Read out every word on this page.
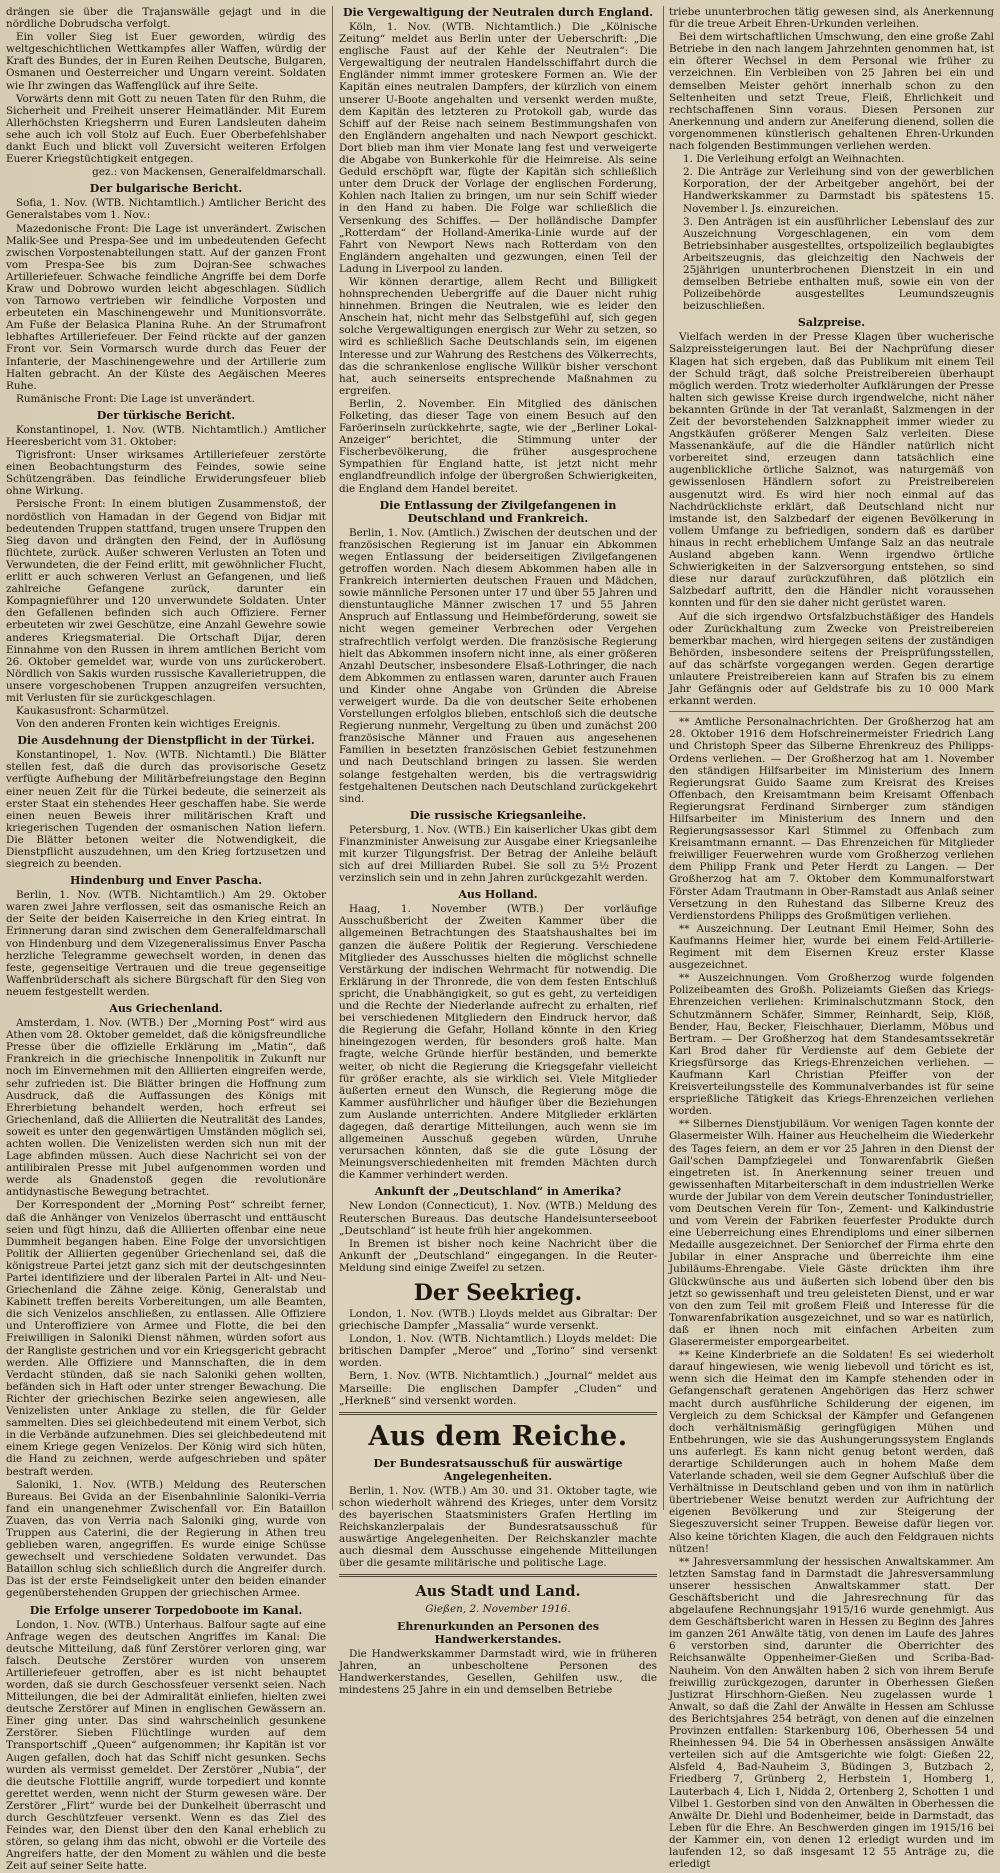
drängen sie über die Trajanswälle gejagt und in die nördliche Dobrudscha verfolgt.

Ein voller Sieg ist Euer geworden, würdig des weltgeschichtlichen Wettkampfes aller Waffen, würdig der Kraft des Bundes, der in Euren Reihen Deutsche, Bulgaren, Osmanen und Oesterreicher und Ungarn vereint. Soldaten wie Ihr zwingen das Waffenglück auf ihre Seite.

Vorwärts denn mit Gott zu neuen Taten für den Ruhm, die Sicherheit und Freiheit unserer Heimatländer. Mit Eurem Allerhöchsten Kriegsherrn und Euren Landsleuten daheim sehe auch ich voll Stolz auf Euch. Euer Oberbefehlshaber dankt Euch und blickt voll Zuversicht weiteren Erfolgen Euerer Kriegstüchtigkeit entgegen.

gez.: von Mackensen, Generalfeldmarschall.

Der bulgarische Bericht.

Sofia, 1. Nov. (WTB. Nichtamtlich.) Amtlicher Bericht des Generalstabes vom 1. Nov.:

Mazedonische Front: Die Lage ist unverändert. Zwischen Malik-See und Prespa-See und im unbedeutenden Gefecht zwischen Vorpostenabteilungen statt. Auf der ganzen Front vom Prespa-See bis zum Dojran-See schwaches Artilleriefeuer. Schwache feindliche Angriffe bei dem Dorfe Kraw und Dobrowo wurden leicht abgeschlagen. Südlich von Tarnowo vertrieben wir feindliche Vorposten und erbeuteten ein Maschinengewehr und Munitionsvorräte. Am Fuße der Belasica Planina Ruhe. An der Strumafront lebhaftes Artilleriefeuer. Der Feind rückte auf der ganzen Front vor. Sein Vormarsch wurde durch das Feuer der Infanterie, der Maschinengewehre und der Artillerie zum Halten gebracht. An der Küste des Aegäischen Meeres Ruhe.

Rumänische Front: Die Lage ist unverändert.

Der türkische Bericht.

Konstantinopel, 1. Nov. (WTB. Nichtamtlich.) Amtlicher Heeresbericht vom 31. Oktober:

Tigrisfront: Unser wirksames Artilleriefeuer zerstörte einen Beobachtungsturm des Feindes, sowie seine Schützengräben. Das feindliche Erwiderungsfeuer blieb ohne Wirkung.

Persische Front: In einem blutigen Zusammenstoß, der nordöstlich von Hamadan in der Gegend von Bidjar mit bedeutenden Truppen stattfand, trugen unsere Truppen den Sieg davon und drängten den Feind, der in Auflösung flüchtete, zurück. Außer schweren Verlusten an Toten und Verwundeten, die der Feind erlitt, mit gewöhnlicher Flucht, erlitt er auch schweren Verlust an Gefangenen, und ließ zahlreiche Gefangene zurück, darunter ein Kompagnieführer und 120 unverwundete Soldaten. Unter den Gefallenen befinden sich auch Offiziere. Ferner erbeuteten wir zwei Geschütze, eine Anzahl Gewehre sowie anderes Kriegsmaterial. Die Ortschaft Dijar, deren Einnahme von den Russen in ihrem amtlichen Bericht vom 26. Oktober gemeldet war, wurde von uns zurückerobert. Nördlich von Sakis wurden russische Kavallerietruppen, die unsere vorgeschobenen Truppen anzugreifen versuchten, mit Verlusten für sie zurückgeschlagen.

Kaukasusfront: Scharmützel.

Von den anderen Fronten kein wichtiges Ereignis.

Die Ausdehnung der Dienstpflicht in der Türkei.

Konstantinopel, 1. Nov. (WTB. Nichtamtl.) Die Blätter stellen fest, daß die durch das provisorische Gesetz verfügte Aufhebung der Militärbefreiungstage den Beginn einer neuen Zeit für die Türkei bedeute, die seinerzeit als erster Staat ein stehendes Heer geschaffen habe. Sie werde einen neuen Beweis ihrer militärischen Kraft und kriegerischen Tugenden der osmanischen Nation liefern. Die Blätter betonen weiter die Notwendigkeit, die Dienstpflicht auszudehnen, um den Krieg fortzusetzen und siegreich zu beenden.

Hindenburg und Enver Pascha.

Berlin, 1. Nov. (WTB. Nichtamtlich.) Am 29. Oktober waren zwei Jahre verflossen, seit das osmanische Reich an der Seite der beiden Kaiserreiche in den Krieg eintrat. In Erinnerung daran sind zwischen dem Generalfeldmarschall von Hindenburg und dem Vizegeneralissimus Enver Pascha herzliche Telegramme gewechselt worden, in denen das feste, gegenseitige Vertrauen und die treue gegenseitige Waffenbrüderschaft als sichere Bürgschaft für den Sieg von neuem festgestellt werden.

Aus Griechenland.

Amsterdam, 1. Nov. (WTB.) Der „Morning Post“ wird aus Athen vom 28. Oktober gemeldet, daß die königsfreundliche Presse über die offizielle Erklärung im „Matin“, daß Frankreich in die griechische Innenpolitik in Zukunft nur noch im Einvernehmen mit den Alliierten eingreifen werde, sehr zufrieden ist. Die Blätter bringen die Hoffnung zum Ausdruck, daß die Auffassungen des Königs mit Ehrerbietung behandelt werden, hoch erfreut sei Griechenland, daß die Alliierten die Neutralität des Landes, soweit es unter den gegenwärtigen Umständen möglich sei, achten wollen. Die Venizelisten werden sich nun mit der Lage abfinden müssen. Auch diese Nachricht sei von der antilibiralen Presse mit Jubel aufgenommen worden und werde als Gnadenstoß gegen die revolutionäre antidynastische Bewegung betrachtet.

Der Korrespondent der „Morning Post“ schreibt ferner, daß die Anhänger von Venizelos überrascht und enttäuscht seien und fügt hinzu, daß die Alliierten offenbar eine neue Dummheit begangen haben. Eine Folge der unvorsichtigen Politik der Alliierten gegenüber Griechenland sei, daß die königstreue Partei jetzt ganz sich mit der deutschgesinnten Partei identifiziere und der liberalen Partei in Alt- und Neu-Griechenland die Zähne zeige. König, Generalstab und Kabinett treffen bereits Vorbereitungen, um alle Beamten, die sich Venizelos anschließen, zu entlassen. Alle Offiziere und Unteroffiziere von Armee und Flotte, die bei den Freiwilligen in Saloniki Dienst nähmen, würden sofort aus der Rangliste gestrichen und vor ein Kriegsgericht gebracht werden. Alle Offiziere und Mannschaften, die in dem Verdacht stünden, daß sie nach Saloniki gehen wollten, befänden sich in Haft oder unter strenger Bewachung. Die Richter der griechischen Bezirke seien angewiesen, alle Venizelisten unter Anklage zu stellen, die für Gelder sammelten. Dies sei gleichbedeutend mit einem Verbot, sich in die Verbände aufzunehmen. Dies sei gleichbedeutend mit einem Kriege gegen Venizelos. Der König wird sich hüten, die Hand zu zeichnen, werde aufgeschrieben und später bestraft werden.

Saloniki, 1. Nov. (WTB.) Meldung des Reuterschen Bureaus. Bei Gvida an der Eisenbahnlinie Saloniki–Verria fand ein unangenehmer Zwischenfall vor. Ein Bataillon Zuaven, das von Verria nach Saloniki ging, wurde von Truppen aus Caterini, die der Regierung in Athen treu geblieben waren, angegriffen. Es wurde einige Schüsse gewechselt und verschiedene Soldaten verwundet. Das Bataillon schlug sich schließlich durch die Angreifer durch. Das ist der erste Feindseligkeit unter den beiden einander gegenüberstehenden Gruppen der griechischen Armee.

Die Erfolge unserer Torpedoboote im Kanal.

London, 1. Nov. (WTB.) Unterhaus. Balfour sagte auf eine Anfrage wegen des deutschen Angriffes im Kanal: Die deutsche Mitteilung, daß fünf Zerstörer verloren ging, war falsch. Deutsche Zerstörer wurden von unserem Artilleriefeuer getroffen, aber es ist nicht behauptet worden, daß sie durch Geschossfeuer versenkt seien. Nach Mitteilungen, die bei der Admiralität einliefen, hielten zwei deutsche Zerstörer auf Minen in englischen Gewässern an. Einer ging unter. Das sind wahrscheinlich gesunkene Zerstörer. Sieben Flüchtlinge wurden auf dem Transportschiff „Queen“ aufgenommen; ihr Kapitän ist vor Augen gefallen, doch hat das Schiff nicht gesunken. Sechs wurden als vermisst gemeldet. Der Zerstörer „Nubia“, der die deutsche Flottille angriff, wurde torpediert und konnte gerettet werden, wenn nicht der Sturm gewesen wäre. Der Zerstörer „Flirt“ wurde bei der Dunkelheit überrascht und durch Geschützfeuer versenkt. Wenn es das Ziel des Feindes war, den Dienst über den den Kanal erheblich zu stören, so gelang ihm das nicht, obwohl er die Vorteile des Angreifers hatte, der den Moment zu wählen und die beste Zeit auf seiner Seite hatte.

Die Vergewaltigung der Neutralen durch England.

Köln, 1. Nov. (WTB. Nichtamtlich.) Die „Kölnische Zeitung“ meldet aus Berlin unter der Ueberschrift: „Die englische Faust auf der Kehle der Neutralen“: Die Vergewaltigung der neutralen Handelsschiffahrt durch die Engländer nimmt immer groteskere Formen an. Wie der Kapitän eines neutralen Dampfers, der kürzlich von einem unserer U-Boote angehalten und versenkt werden mußte, dem Kapitän des letzteren zu Protokoll gab, wurde das Schiff auf der Reise nach seinem Bestimmungshafen von den Engländern angehalten und nach Newport geschickt. Dort blieb man ihm vier Monate lang fest und verweigerte die Abgabe von Bunkerkohle für die Heimreise. Als seine Geduld erschöpft war, fügte der Kapitän sich schließlich unter dem Druck der Vorlage der englischen Forderung, Kohlen nach Italien zu bringen, um nur sein Schiff wieder in den Hand zu haben. Die Folge war schließlich die Versenkung des Schiffes. — Der holländische Dampfer „Rotterdam“ der Holland-Amerika-Linie wurde auf der Fahrt von Newport News nach Rotterdam von den Engländern angehalten und gezwungen, einen Teil der Ladung in Liverpool zu landen.

Wir können derartige, allem Recht und Billigkeit hohnsprechenden Uebergriffe auf die Dauer nicht ruhig hinnehmen. Bringen die Neutralen, wie es leider den Anschein hat, nicht mehr das Selbstgefühl auf, sich gegen solche Vergewaltigungen energisch zur Wehr zu setzen, so wird es schließlich Sache Deutschlands sein, im eigenen Interesse und zur Wahrung des Restchens des Völkerrechts, das die schrankenlose englische Willkür bisher verschont hat, auch seinerseits entsprechende Maßnahmen zu ergreifen.

Berlin, 2. November. Ein Mitglied des dänischen Folketing, das dieser Tage von einem Besuch auf den Faröerinseln zurückkehrte, sagte, wie der „Berliner Lokal-Anzeiger“ berichtet, die Stimmung unter der Fischerbevölkerung, die früher ausgesprochene Sympathien für England hatte, ist jetzt nicht mehr englandfreundlich infolge der übergroßen Schwierigkeiten, die England dem Handel bereitet.

Die Entlassung der Zivilgefangenen in Deutschland und Frankreich.

Berlin, 1. Nov. (Amtlich.) Zwischen der deutschen und der französischen Regierung ist im Januar ein Abkommen wegen Entlassung der beiderseitigen Zivilgefangenen getroffen worden. Nach diesem Abkommen haben alle in Frankreich internierten deutschen Frauen und Mädchen, sowie männliche Personen unter 17 und über 55 Jahren und dienstuntaugliche Männer zwischen 17 und 55 Jahren Anspruch auf Entlassung und Heimbeförderung, soweit sie nicht wegen gemeiner Verbrechen oder Vergehen strafrechtlich verfolgt werden. Die französische Regierung hielt das Abkommen insofern nicht inne, als einer größeren Anzahl Deutscher, insbesondere Elsaß-Lothringer, die nach dem Abkommen zu entlassen waren, darunter auch Frauen und Kinder ohne Angabe von Gründen die Abreise verweigert wurde. Da die von deutscher Seite erhobenen Vorstellungen erfolglos blieben, entschloß sich die deutsche Regierung nunmehr, Vergeltung zu üben und zunächst 200 französische Männer und Frauen aus angesehenen Familien in besetzten französischen Gebiet festzunehmen und nach Deutschland bringen zu lassen. Sie werden solange festgehalten werden, bis die vertragswidrig festgehaltenen Deutschen nach Deutschland zurückgekehrt sind.

Die russische Kriegsanleihe.

Petersburg, 1. Nov. (WTB.) Ein kaiserlicher Ukas gibt dem Finanzminister Anweisung zur Ausgabe einer Kriegsanleihe mit kurzer Tilgungsfrist. Der Betrag der Anleihe beläuft sich auf drei Milliarden Rubel. Sie soll zu 5½ Prozent verzinslich sein und in zehn Jahren zurückgezahlt werden.

Aus Holland.

Haag, 1. November (WTB.) Der vorläufige Ausschußbericht der Zweiten Kammer über die allgemeinen Betrachtungen des Staatshaushaltes bei im ganzen die äußere Politik der Regierung. Verschiedene Mitglieder des Ausschusses hielten die möglichst schnelle Verstärkung der indischen Wehrmacht für notwendig. Die Erklärung in der Thronrede, die von dem festen Entschluß spricht, die Unabhängigkeit, so gut es geht, zu verteidigen und die Rechte der Niederlande aufrecht zu erhalten, rief bei verschiedenen Mitgliedern den Eindruck hervor, daß die Regierung die Gefahr, Holland könnte in den Krieg hineingezogen werden, für besonders groß halte. Man fragte, welche Gründe hierfür beständen, und bemerkte weiter, ob nicht die Regierung die Kriegsgefahr vielleicht für größer erachte, als sie wirklich sei. Viele Mitglieder äußerten erneut den Wunsch, die Regierung möge die Kammer ausführlicher und häufiger über die Beziehungen zum Auslande unterrichten. Andere Mitglieder erklärten dagegen, daß derartige Mitteilungen, auch wenn sie im allgemeinen Ausschuß gegeben würden, Unruhe verursachen könnten, daß sie die gute Lösung der Meinungsverschiedenheiten mit fremden Mächten durch die Kammer verhindert werden.

Ankunft der „Deutschland“ in Amerika?

New London (Connecticut), 1. Nov. (WTB.) Meldung des Reuterschen Bureaus. Das deutsche Handelsunterseeboot „Deutschland“ ist heute früh hier angekommen.

In Bremen ist bisher noch keine Nachricht über die Ankunft der „Deutschland“ eingegangen. In die Reuter-Meldung sind einige Zweifel zu setzen.

Der Seekrieg.

London, 1. Nov. (WTB.) Lloyds meldet aus Gibraltar: Der griechische Dampfer „Massalia“ wurde versenkt.

London, 1. Nov. (WTB. Nichtamtlich.) Lloyds meldet: Die britischen Dampfer „Meroe“ und „Torino“ sind versenkt worden.

Bern, 1. Nov. (WTB. Nichtamtlich.) „Journal“ meldet aus Marseille: Die englischen Dampfer „Cluden“ und „Herkneß“ sind versenkt worden.

Aus dem Reiche.
Der Bundesratsausschuß für auswärtige Angelegenheiten.

Berlin, 1. Nov. (WTB.) Am 30. und 31. Oktober tagte, wie schon wiederholt während des Krieges, unter dem Vorsitz des bayerischen Staatsministers Grafen Hertling im Reichskanzlerpalais der Bundesratsausschuß für auswärtige Angelegenheiten. Der Reichskanzler machte auch diesmal dem Ausschusse eingehende Mitteilungen über die gesamte militärische und politische Lage.

Aus Stadt und Land.
Gießen, 2. November 1916.
Ehrenurkunden an Personen des Handwerkerstandes.

Die Handwerkskammer Darmstadt wird, wie in früheren Jahren, an unbescholtene Personen des Handwerkerstandes, Gesellen, Gehilfen usw., die mindestens 25 Jahre in ein und demselben Betriebe

triebe ununterbrochen tätig gewesen sind, als Anerkennung für die treue Arbeit Ehren-Urkunden verleihen.

Bei dem wirtschaftlichen Umschwung, den eine große Zahl Betriebe in den nach langem Jahrzehnten genommen hat, ist ein öfterer Wechsel in dem Personal wie früher zu verzeichnen. Ein Verbleiben von 25 Jahren bei ein und demselben Meister gehört innerhalb schon zu den Seltenheiten und setzt Treue, Fleiß, Ehrlichkeit und rechtschaffenen Sinn voraus. Diesen Personen zur Anerkennung und andern zur Aneiferung dienend, sollen die vorgenommenen künstlerisch gehaltenen Ehren-Urkunden nach folgenden Bestimmungen verliehen werden.

1. Die Verleihung erfolgt an Weihnachten.

2. Die Anträge zur Verleihung sind von der gewerblichen Korporation, der der Arbeitgeber angehört, bei der Handwerkskammer zu Darmstadt bis spätestens 15. November l. Js. einzureichen.

3. Den Anträgen ist ein ausführlicher Lebenslauf des zur Auszeichnung Vorgeschlagenen, ein vom dem Betriebsinhaber ausgestelltes, ortspolizeilich beglaubigtes Arbeitszeugnis, das gleichzeitig den Nachweis der 25jährigen ununterbrochenen Dienstzeit in ein und demselben Betriebe enthalten muß, sowie ein von der Polizeibehörde ausgestelltes Leumundszeugnis beizuschließen.

Salzpreise.

Vielfach werden in der Presse Klagen über wucherische Salzpreissteigerungen laut. Bei der Nachprüfung dieser Klagen hat sich ergeben, daß das Publikum mit einem Teil der Schuld trägt, daß solche Preistreibereien überhaupt möglich werden. Trotz wiederholter Aufklärungen der Presse halten sich gewisse Kreise durch irgendwelche, nicht näher bekannten Gründe in der Tat veranlaßt, Salzmengen in der Zeit der bevorstehenden Salzknappheit immer wieder zu Angstkäufen größerer Mengen Salz verleiten. Diese Massenankäufe, auf die die Händler natürlich nicht vorbereitet sind, erzeugen dann tatsächlich eine augenblickliche örtliche Salznot, was naturgemäß von gewissenlosen Händlern sofort zu Preistreibereien ausgenutzt wird. Es wird hier noch einmal auf das Nachdrücklichste erklärt, daß Deutschland nicht nur imstande ist, den Salzbedarf der eigenen Bevölkerung in vollem Umfange zu befriedigen, sondern daß es darüber hinaus in recht erheblichem Umfange Salz an das neutrale Ausland abgeben kann. Wenn irgendwo örtliche Schwierigkeiten in der Salzversorgung entstehen, so sind diese nur darauf zurückzuführen, daß plötzlich ein Salzbedarf auftritt, den die Händler nicht voraussehen konnten und für den sie daher nicht gerüstet waren.

Auf die sich irgendwo Ortsfalzbuchstäßiger des Handels oder Zurückhaltung zum Zwecke von Preistreibereien bemerkbar machen, wird hiergegen seitens der zuständigen Behörden, insbesondere seitens der Preisprüfungsstellen, auf das schärfste vorgegangen werden. Gegen derartige unlautere Preistreibereien kann auf Strafen bis zu einem Jahr Gefängnis oder auf Geldstrafe bis zu 10 000 Mark erkannt werden.

** Amtliche Personalnachrichten. Der Großherzog hat am 28. Oktober 1916 dem Hofschreinermeister Friedrich Lang und Christoph Speer das Silberne Ehrenkreuz des Philipps-Ordens verliehen. — Der Großherzog hat am 1. November den ständigen Hilfsarbeiter im Ministerium des Innern Regierungsrat Guido Saame zum Kreisrat des Kreises Offenbach, den Kreisamtmann beim Kreisamt Offenbach Regierungsrat Ferdinand Sirnberger zum ständigen Hilfsarbeiter im Ministerium des Innern und den Regierungsassessor Karl Stimmel zu Offenbach zum Kreisamtmann ernannt. — Das Ehrenzeichen für Mitglieder freiwilliger Feuerwehren wurde vom Großherzog verliehen dem Philipp Frank und Peter Herdt zu Langen. — Der Großherzog hat am 7. Oktober dem Kommunalforstwart Förster Adam Trautmann in Ober-Ramstadt aus Anlaß seiner Versetzung in den Ruhestand das Silberne Kreuz des Verdienstordens Philipps des Großmütigen verliehen.

** Auszeichnung. Der Leutnant Emil Heimer, Sohn des Kaufmanns Heimer hier, wurde bei einem Feld-Artillerie-Regiment mit dem Eisernen Kreuz erster Klasse ausgezeichnet.

** Auszeichnungen. Vom Großherzog wurde folgenden Polizeibeamten des Großh. Polizeiamts Gießen das Kriegs-Ehrenzeichen verliehen: Kriminalschutzmann Stock, den Schutzmännern Schäfer, Simmer, Reinhardt, Seip, Klöß, Bender, Hau, Becker, Fleischhauer, Dierlamm, Möbus und Bertram. — Der Großherzog hat dem Standesamtssekretär Karl Brod daher für Verdienste auf dem Gebiete der Kriegsfürsorge das Kriegs-Ehrenzeichen verliehen. — Kaufmann Karl Christian Pfeiffer von der Kreisverteilungsstelle des Kommunalverbandes ist für seine ersprießliche Tätigkeit das Kriegs-Ehrenzeichen verliehen worden.

** Silbernes Dienstjubiläum. Vor wenigen Tagen konnte der Glasermeister Wilh. Hainer aus Heuchelheim die Wiederkehr des Tages feiern, an dem er vor 25 Jahren in den Dienst der Gail'schen Dampfziegelei und Tonwarenfabrik Gießen eingetreten ist. In Anerkennung seiner treuen und gewissenhaften Mitarbeiterschaft in dem industriellen Werke wurde der Jubilar von dem Verein deutscher Tonindustrieller, vom Deutschen Verein für Ton-, Zement- und Kalkindustrie und vom Verein der Fabriken feuerfester Produkte durch eine Ueberreichung eines Ehrendiploms und einer silbernen Medaille ausgezeichnet. Der Seniorchef der Firma ehrte den Jubilar in einer Ansprache und überreichte ihm eine Jubiläums-Ehrengabe. Viele Gäste drückten ihm ihre Glückwünsche aus und äußerten sich lobend über den bis jetzt so gewissenhaft und treu geleisteten Dienst, und er war von den zum Teil mit großem Fleiß und Interesse für die Tonwarenfabrikation ausgezeichnet, und so war es natürlich, daß er ihnen noch mit einfachen Arbeiten zum Glaserermeister emporgearbeitet.

** Keine Kinderbriefe an die Soldaten! Es sei wiederholt darauf hingewiesen, wie wenig liebevoll und töricht es ist, wenn sich die Heimat den im Kampfe stehenden oder in Gefangenschaft geratenen Angehörigen das Herz schwer macht durch ausführliche Schilderung der eigenen, im Vergleich zu dem Schicksal der Kämpfer und Gefangenen doch verhältnismäßig geringfügigen Mühen und Entbehrungen, wie sie das Aushungerungssystem Englands uns auferlegt. Es kann nicht genug betont werden, daß derartige Schilderungen auch in hohem Maße dem Vaterlande schaden, weil sie dem Gegner Aufschluß über die Verhältnisse in Deutschland geben und von ihm in natürlich übertriebener Weise benutzt werden zur Aufrichtung der eigenen Bevölkerung und zur Steigerung der Siegeszuversicht seiner Truppen. Beweise dafür liegen vor. Also keine törichten Klagen, die auch den Feldgrauen nichts nützen!

** Jahresversammlung der hessischen Anwaltskammer. Am letzten Samstag fand in Darmstadt die Jahresversammlung unserer hessischen Anwaltskammer statt. Der Geschäftsbericht und die Jahresrechnung für das abgelaufene Rechnungsjahr 1915/16 wurde genehmigt. Aus dem Geschäftsbericht waren in Hessen zu Beginn des Jahres im ganzen 261 Anwälte tätig, von denen im Laufe des Jahres 6 verstorben sind, darunter die Oberrichter des Reichsanwälte Oppenheimer-Gießen und Scriba-Bad-Nauheim. Von den Anwälten haben 2 sich von ihrem Berufe freiwillig zurückgezogen, darunter in Oberhessen Gießen Justizrat Hirschhorn-Gießen. Neu zugelassen wurde 1 Anwalt, so daß die Zahl der Anwälte in Hessen am Schlusse des Berichtsjahres 254 beträgt, von denen auf die einzelnen Provinzen entfallen: Starkenburg 106, Oberhessen 54 und Rheinhessen 94. Die 54 in Oberhessen ansässigen Anwälte verteilen sich auf die Amtsgerichte wie folgt: Gießen 22, Alsfeld 4, Bad-Nauheim 3, Büdingen 3, Butzbach 2, Friedberg 7, Grünberg 2, Herbstein 1, Homberg 1, Lauterbach 4, Lich 1, Nidda 2, Ortenberg 2, Schotten 1 und Vilbel 1. Gestorben sind von den Anwälten in Oberhessen die Anwälte Dr. Diehl und Bodenheimer, beide in Darmstadt, das Leben für die Ehre. An Beschwerden gingen im 1915/16 bei der Kammer ein, von denen 12 erledigt wurden und im laufenden 12, so daß insgesamt 12 55 Anträge zu, die erledigt
